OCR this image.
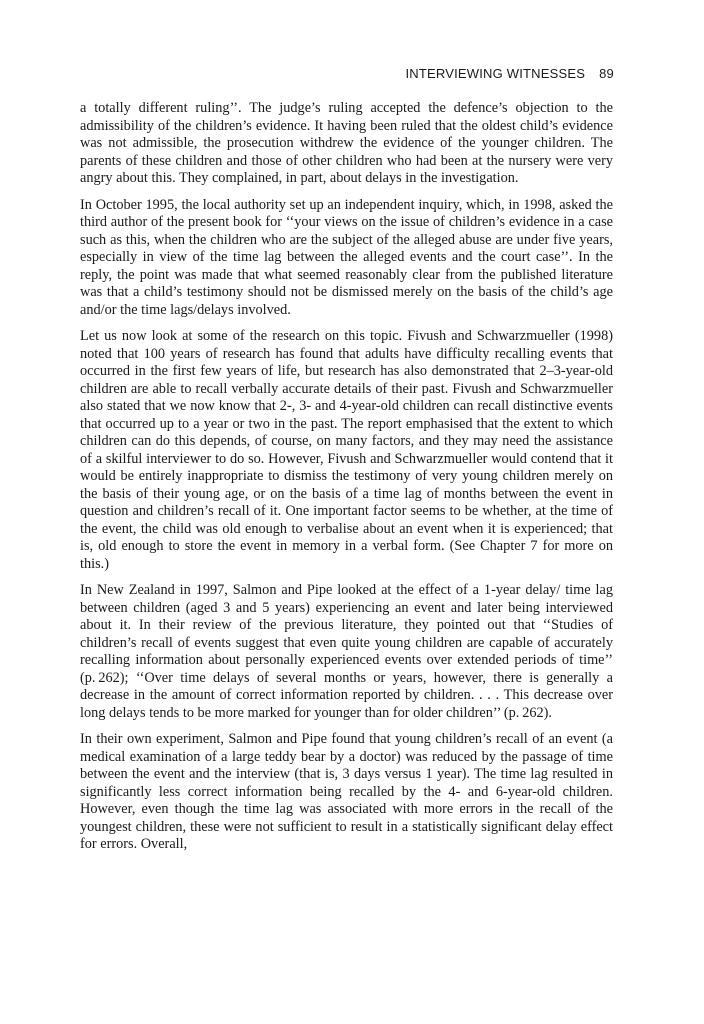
INTERVIEWING WITNESSES 89

a totally different ruling’’. The judge’s ruling accepted the defence’s objection to the admissibility of the children’s evidence. It having been ruled that the oldest child’s evidence was not admissible, the prosecution withdrew the evidence of the younger children. The parents of these children and those of other children who had been at the nursery were very angry about this. They complained, in part, about delays in the investigation.

In October 1995, the local authority set up an independent inquiry, which, in 1998, asked the third author of the present book for ‘‘your views on the issue of children’s evidence in a case such as this, when the children who are the subject of the alleged abuse are under five years, especially in view of the time lag between the alleged events and the court case’’. In the reply, the point was made that what seemed reasonably clear from the published literature was that a child’s testimony should not be dismissed merely on the basis of the child’s age and/or the time lags/delays involved.

Let us now look at some of the research on this topic. Fivush and Schwarzmueller (1998) noted that 100 years of research has found that adults have difficulty recalling events that occurred in the first few years of life, but research has also demonstrated that 2–3-year-old children are able to recall verbally accurate details of their past. Fivush and Schwarzmueller also stated that we now know that 2-, 3- and 4-year-old children can recall distinctive events that occurred up to a year or two in the past. The report emphasised that the extent to which children can do this depends, of course, on many factors, and they may need the assistance of a skilful interviewer to do so. However, Fivush and Schwarzmueller would contend that it would be entirely inappropriate to dismiss the testimony of very young children merely on the basis of their young age, or on the basis of a time lag of months between the event in question and children’s recall of it. One important factor seems to be whether, at the time of the event, the child was old enough to verbalise about an event when it is experienced; that is, old enough to store the event in memory in a verbal form. (See Chapter 7 for more on this.)

In New Zealand in 1997, Salmon and Pipe looked at the effect of a 1-year delay/ time lag between children (aged 3 and 5 years) experiencing an event and later being interviewed about it. In their review of the previous literature, they pointed out that ‘‘Studies of children’s recall of events suggest that even quite young children are capable of accurately recalling information about personally experienced events over extended periods of time’’ (p. 262); ‘‘Over time delays of several months or years, however, there is generally a decrease in the amount of correct information reported by children. . . . This decrease over long delays tends to be more marked for younger than for older children’’ (p. 262).

In their own experiment, Salmon and Pipe found that young children’s recall of an event (a medical examination of a large teddy bear by a doctor) was reduced by the passage of time between the event and the interview (that is, 3 days versus 1 year). The time lag resulted in significantly less correct information being recalled by the 4- and 6-year-old children. However, even though the time lag was associated with more errors in the recall of the youngest children, these were not sufficient to result in a statistically significant delay effect for errors. Overall,
